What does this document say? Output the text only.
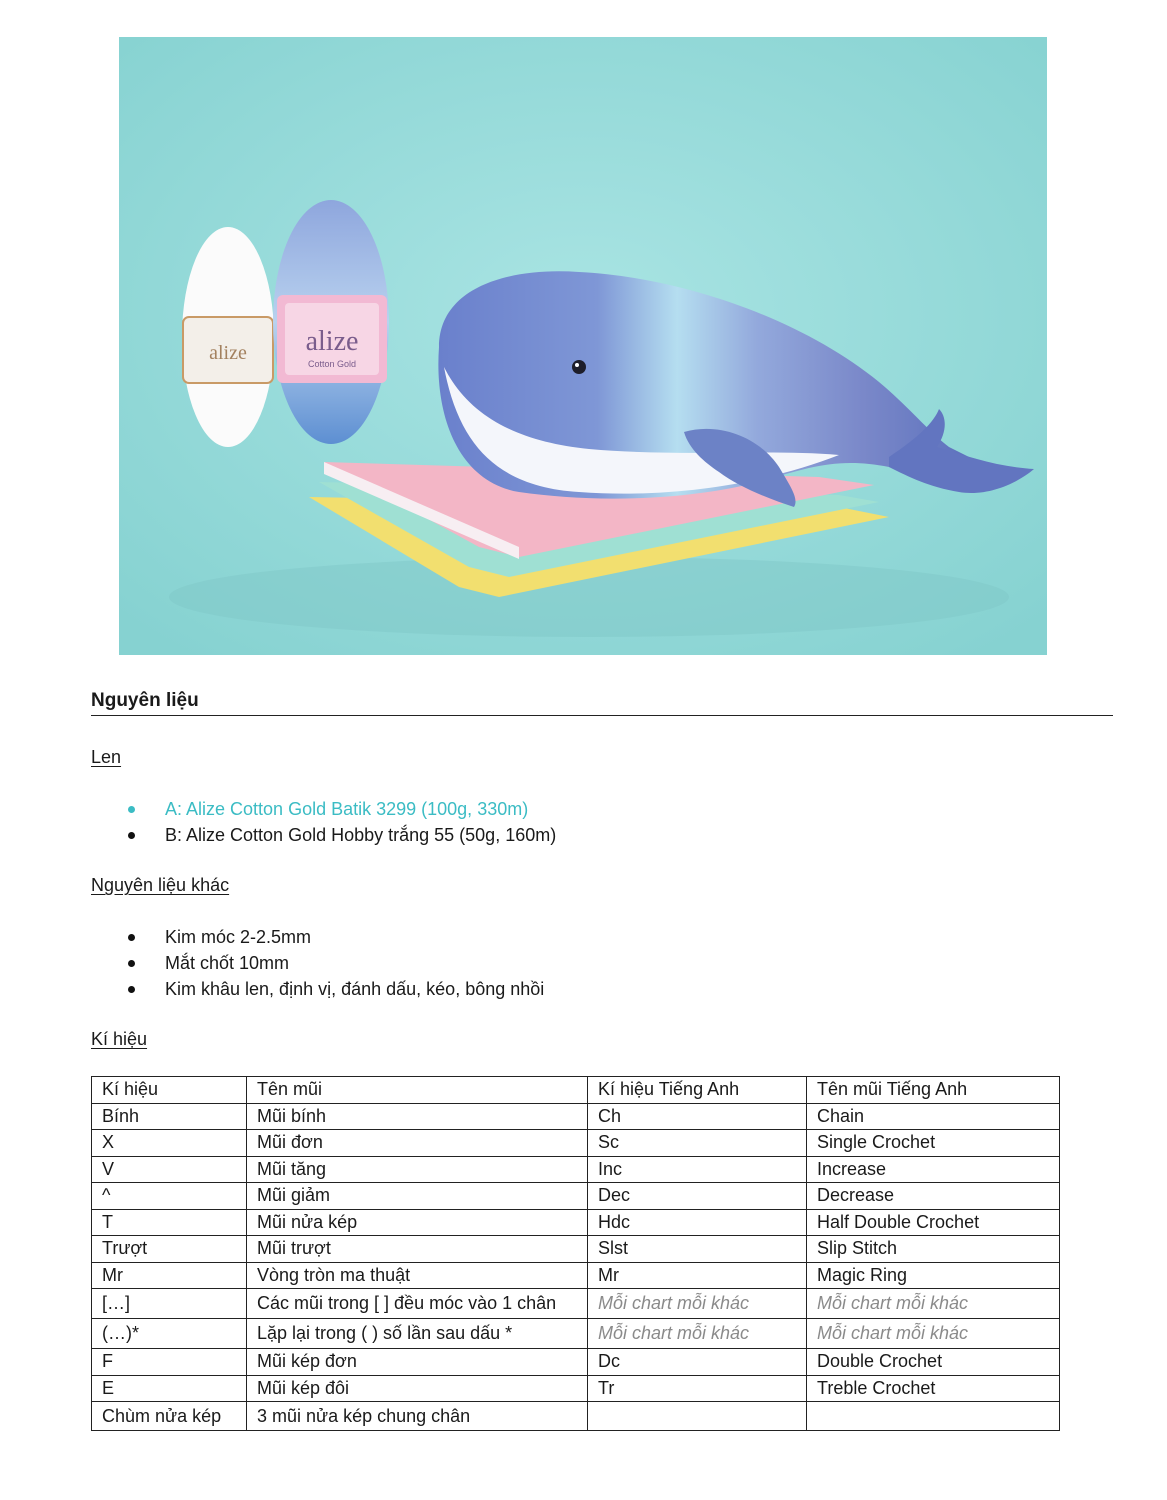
alize alize
Cotton Gold
Nguyên liệu
Len
A: Alize Cotton Gold Batik 3299 (100g, 330m)
B: Alize Cotton Gold Hobby trắng 55 (50g, 160m)
Nguyên liệu khác
Kim móc 2-2.5mm
Mắt chốt 10mm
Kim khâu len, định vị, đánh dấu, kéo, bông nhồi
Kí hiệu
Kí hiệu	Tên mũi	Kí hiệu Tiếng Anh	Tên mũi Tiếng Anh
Bính	Mũi bính	Ch	Chain
X	Mũi đơn	Sc	Single Crochet
V	Mũi tăng	Inc	Increase
^	Mũi giảm	Dec	Decrease
T	Mũi nửa kép	Hdc	Half Double Crochet
Trượt	Mũi trượt	Slst	Slip Stitch
Mr	Vòng tròn ma thuật	Mr	Magic Ring
[…]	Các mũi trong [ ] đều móc vào 1 chân	Mỗi chart mỗi khác	Mỗi chart mỗi khác
(…)*	Lặp lại trong ( ) số lần sau dấu *	Mỗi chart mỗi khác	Mỗi chart mỗi khác
F	Mũi kép đơn	Dc	Double Crochet
E	Mũi kép đôi	Tr	Treble Crochet
Chùm nửa kép	3 mũi nửa kép chung chân		
